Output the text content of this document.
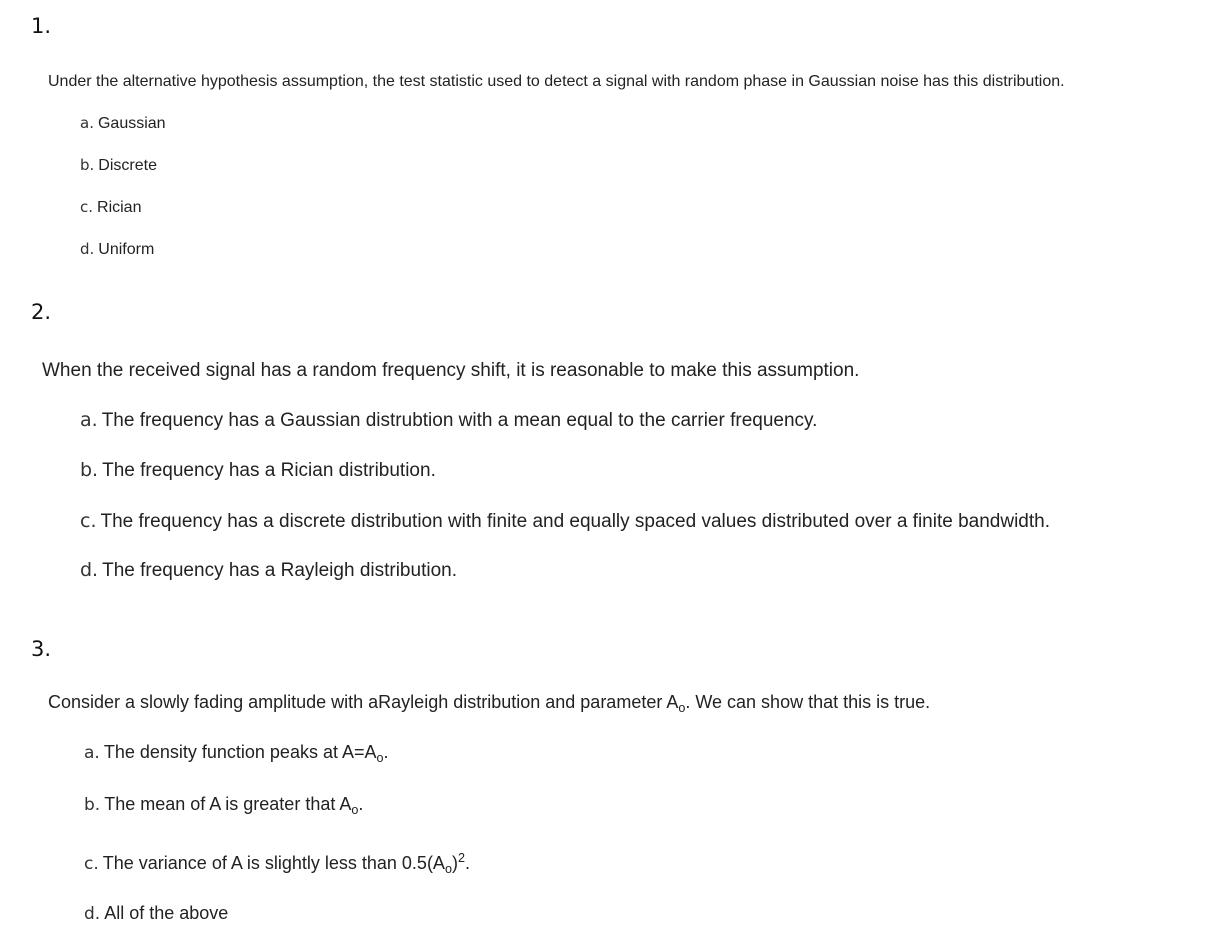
1.
Under the alternative hypothesis assumption, the test statistic used to detect a signal with random phase in Gaussian noise has this distribution.
a. Gaussian
b. Discrete
c. Rician
d. Uniform
2.
When the received signal has a random frequency shift, it is reasonable to make this assumption.
a. The frequency has a Gaussian distrubtion with a mean equal to the carrier frequency.
b. The frequency has a Rician distribution.
c. The frequency has a discrete distribution with finite and equally spaced values distributed over a finite bandwidth.
d. The frequency has a Rayleigh distribution.
3.
Consider a slowly fading amplitude with aRayleigh distribution and parameter $A_o$. We can show that this is true.
a. The density function peaks at $A=A_o$.
b. The mean of A is greater that $A_o$.
c. The variance of A is slightly less than $0.5(A_o)^2$.
d. All of the above
